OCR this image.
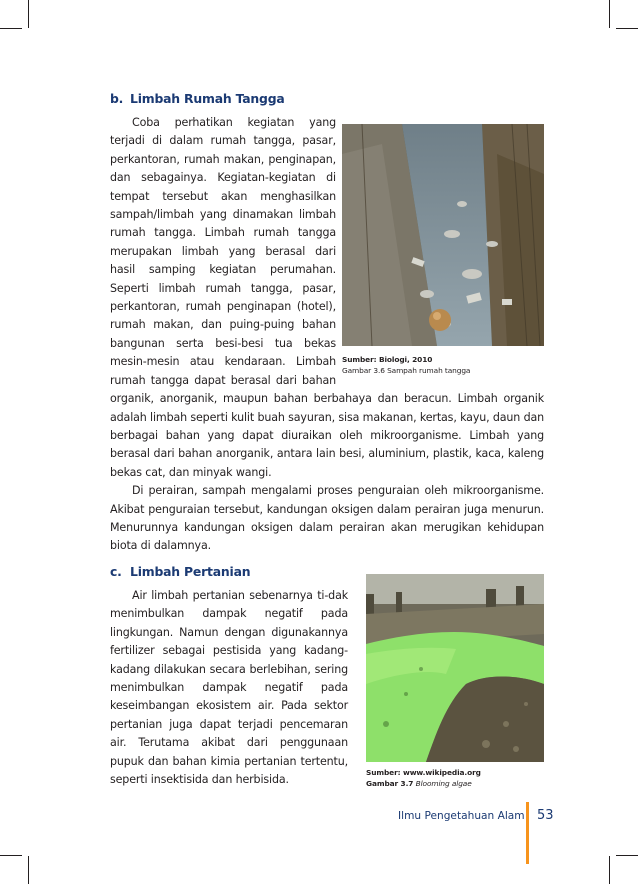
b. Limbah Rumah Tangga

Coba perhatikan kegiatan yang terjadi di dalam rumah tangga, pasar, perkantoran, rumah makan, penginapan, dan sebagainya. Kegiatan-kegiatan di tempat tersebut akan menghasilkan sampah/limbah yang dinamakan limbah rumah tangga. Limbah rumah tangga merupakan limbah yang berasal dari hasil samping kegiatan perumahan. Seperti limbah rumah tangga, pasar, perkantoran, rumah penginapan (hotel), rumah makan, dan puing-puing bahan bangunan serta besi-besi tua bekas mesin-mesin atau kendaraan. Limbah rumah tangga dapat berasal dari bahan organik, anorganik, maupun bahan berbahaya dan beracun. Limbah organik adalah limbah seperti kulit buah sayuran, sisa makanan, kertas, kayu, daun dan berbagai bahan yang dapat diuraikan oleh mikroorganisme. Limbah yang berasal dari bahan anorganik, antara lain besi, aluminium, plastik, kaca, kaleng bekas cat, dan minyak wangi.

Di perairan, sampah mengalami proses penguraian oleh mikroorganisme. Akibat penguraian tersebut, kandungan oksigen dalam perairan juga menurun. Menurunnya kandungan oksigen dalam perairan akan merugikan kehidupan biota di dalamnya.

Sumber: Biologi, 2010
Gambar 3.6 Sampah rumah tangga
c. Limbah Pertanian

Air limbah pertanian sebenarnya ti-dak menimbulkan dampak negatif pada lingkungan. Namun dengan digunakannya fertilizer sebagai pestisida yang kadang-kadang dilakukan secara berlebihan, sering menimbulkan dampak negatif pada keseimbangan ekosistem air. Pada sektor pertanian juga dapat terjadi pencemaran air. Terutama akibat dari penggunaan pupuk dan bahan kimia pertanian tertentu, seperti insektisida dan herbisida.

Sumber: www.wikipedia.org
Gambar 3.7 Blooming algae
Ilmu Pengetahuan Alam 53
